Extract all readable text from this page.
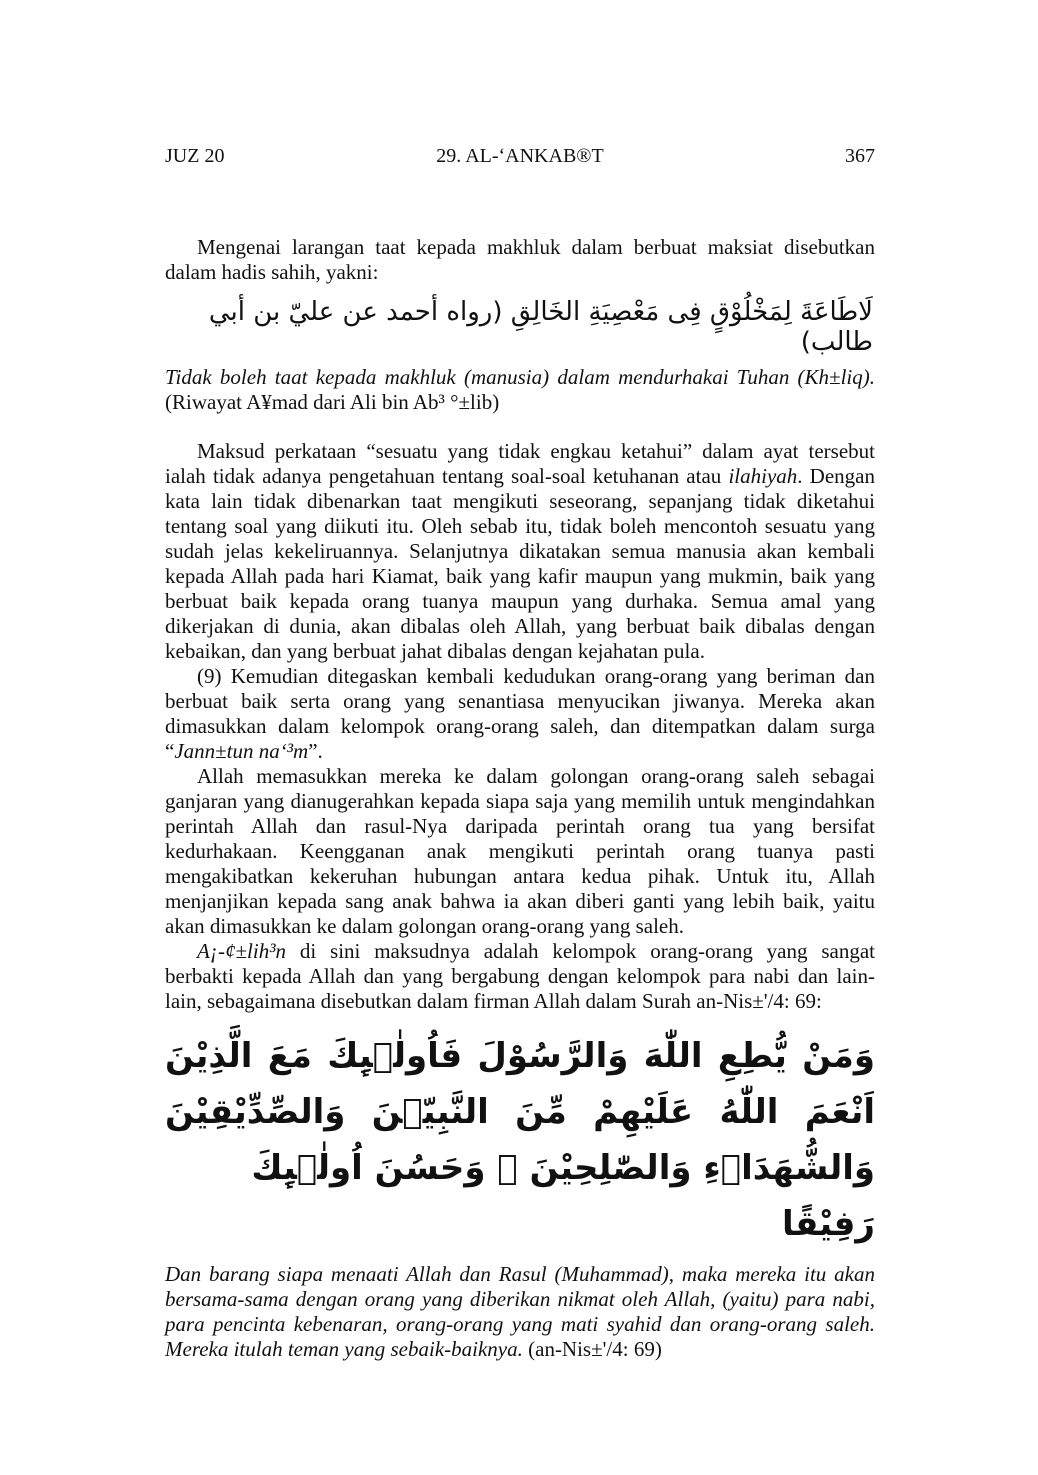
JUZ 20	29. AL-‘ANKAB®T	367

Mengenai larangan taat kepada makhluk dalam berbuat maksiat disebutkan dalam hadis sahih, yakni:

لَاطَاعَةَ لِمَخْلُوْقٍ فِى مَعْصِيَةِ الخَالِقِ (رواه أحمد عن عليّ بن أبي طالب)

Tidak boleh taat kepada makhluk (manusia) dalam mendurhakai Tuhan (Kh±liq). (Riwayat A¥mad dari Ali bin Ab³ °±lib)

Maksud perkataan “sesuatu yang tidak engkau ketahui” dalam ayat tersebut ialah tidak adanya pengetahuan tentang soal-soal ketuhanan atau ilahiyah. Dengan kata lain tidak dibenarkan taat mengikuti seseorang, sepanjang tidak diketahui tentang soal yang diikuti itu. Oleh sebab itu, tidak boleh mencontoh sesuatu yang sudah jelas kekeliruannya. Selanjutnya dikatakan semua manusia akan kembali kepada Allah pada hari Kiamat, baik yang kafir maupun yang mukmin, baik yang berbuat baik kepada orang tuanya maupun yang durhaka. Semua amal yang dikerjakan di dunia, akan dibalas oleh Allah, yang berbuat baik dibalas dengan kebaikan, dan yang berbuat jahat dibalas dengan kejahatan pula.

(9) Kemudian ditegaskan kembali kedudukan orang-orang yang beriman dan berbuat baik serta orang yang senantiasa menyucikan jiwanya. Mereka akan dimasukkan dalam kelompok orang-orang saleh, dan ditempatkan dalam surga “Jann±tun na‘³m”.

Allah memasukkan mereka ke dalam golongan orang-orang saleh sebagai ganjaran yang dianugerahkan kepada siapa saja yang memilih untuk mengindahkan perintah Allah dan rasul-Nya daripada perintah orang tua yang bersifat kedurhakaan. Keengganan anak mengikuti perintah orang tuanya pasti mengakibatkan kekeruhan hubungan antara kedua pihak. Untuk itu, Allah menjanjikan kepada sang anak bahwa ia akan diberi ganti yang lebih baik, yaitu akan dimasukkan ke dalam golongan orang-orang yang saleh.

A¡-¢±lih³n di sini maksudnya adalah kelompok orang-orang yang sangat berbakti kepada Allah dan yang bergabung dengan kelompok para nabi dan lain-lain, sebagaimana disebutkan dalam firman Allah dalam Surah an-Nis±'/4: 69:

وَمَنْ يُّطِعِ اللّٰهَ وَالرَّسُوْلَ فَاُولٰۤىِٕكَ مَعَ الَّذِيْنَ اَنْعَمَ اللّٰهُ عَلَيْهِمْ مِّنَ النَّبِيّٖنَ وَالصِّدِّيْقِيْنَ
وَالشُّهَدَاۤءِ وَالصّٰلِحِيْنَ ۚ وَحَسُنَ اُولٰۤىِٕكَ رَفِيْقًا

Dan barang siapa menaati Allah dan Rasul (Muhammad), maka mereka itu akan bersama-sama dengan orang yang diberikan nikmat oleh Allah, (yaitu) para nabi, para pencinta kebenaran, orang-orang yang mati syahid dan orang-orang saleh. Mereka itulah teman yang sebaik-baiknya. (an-Nis±'/4: 69)
